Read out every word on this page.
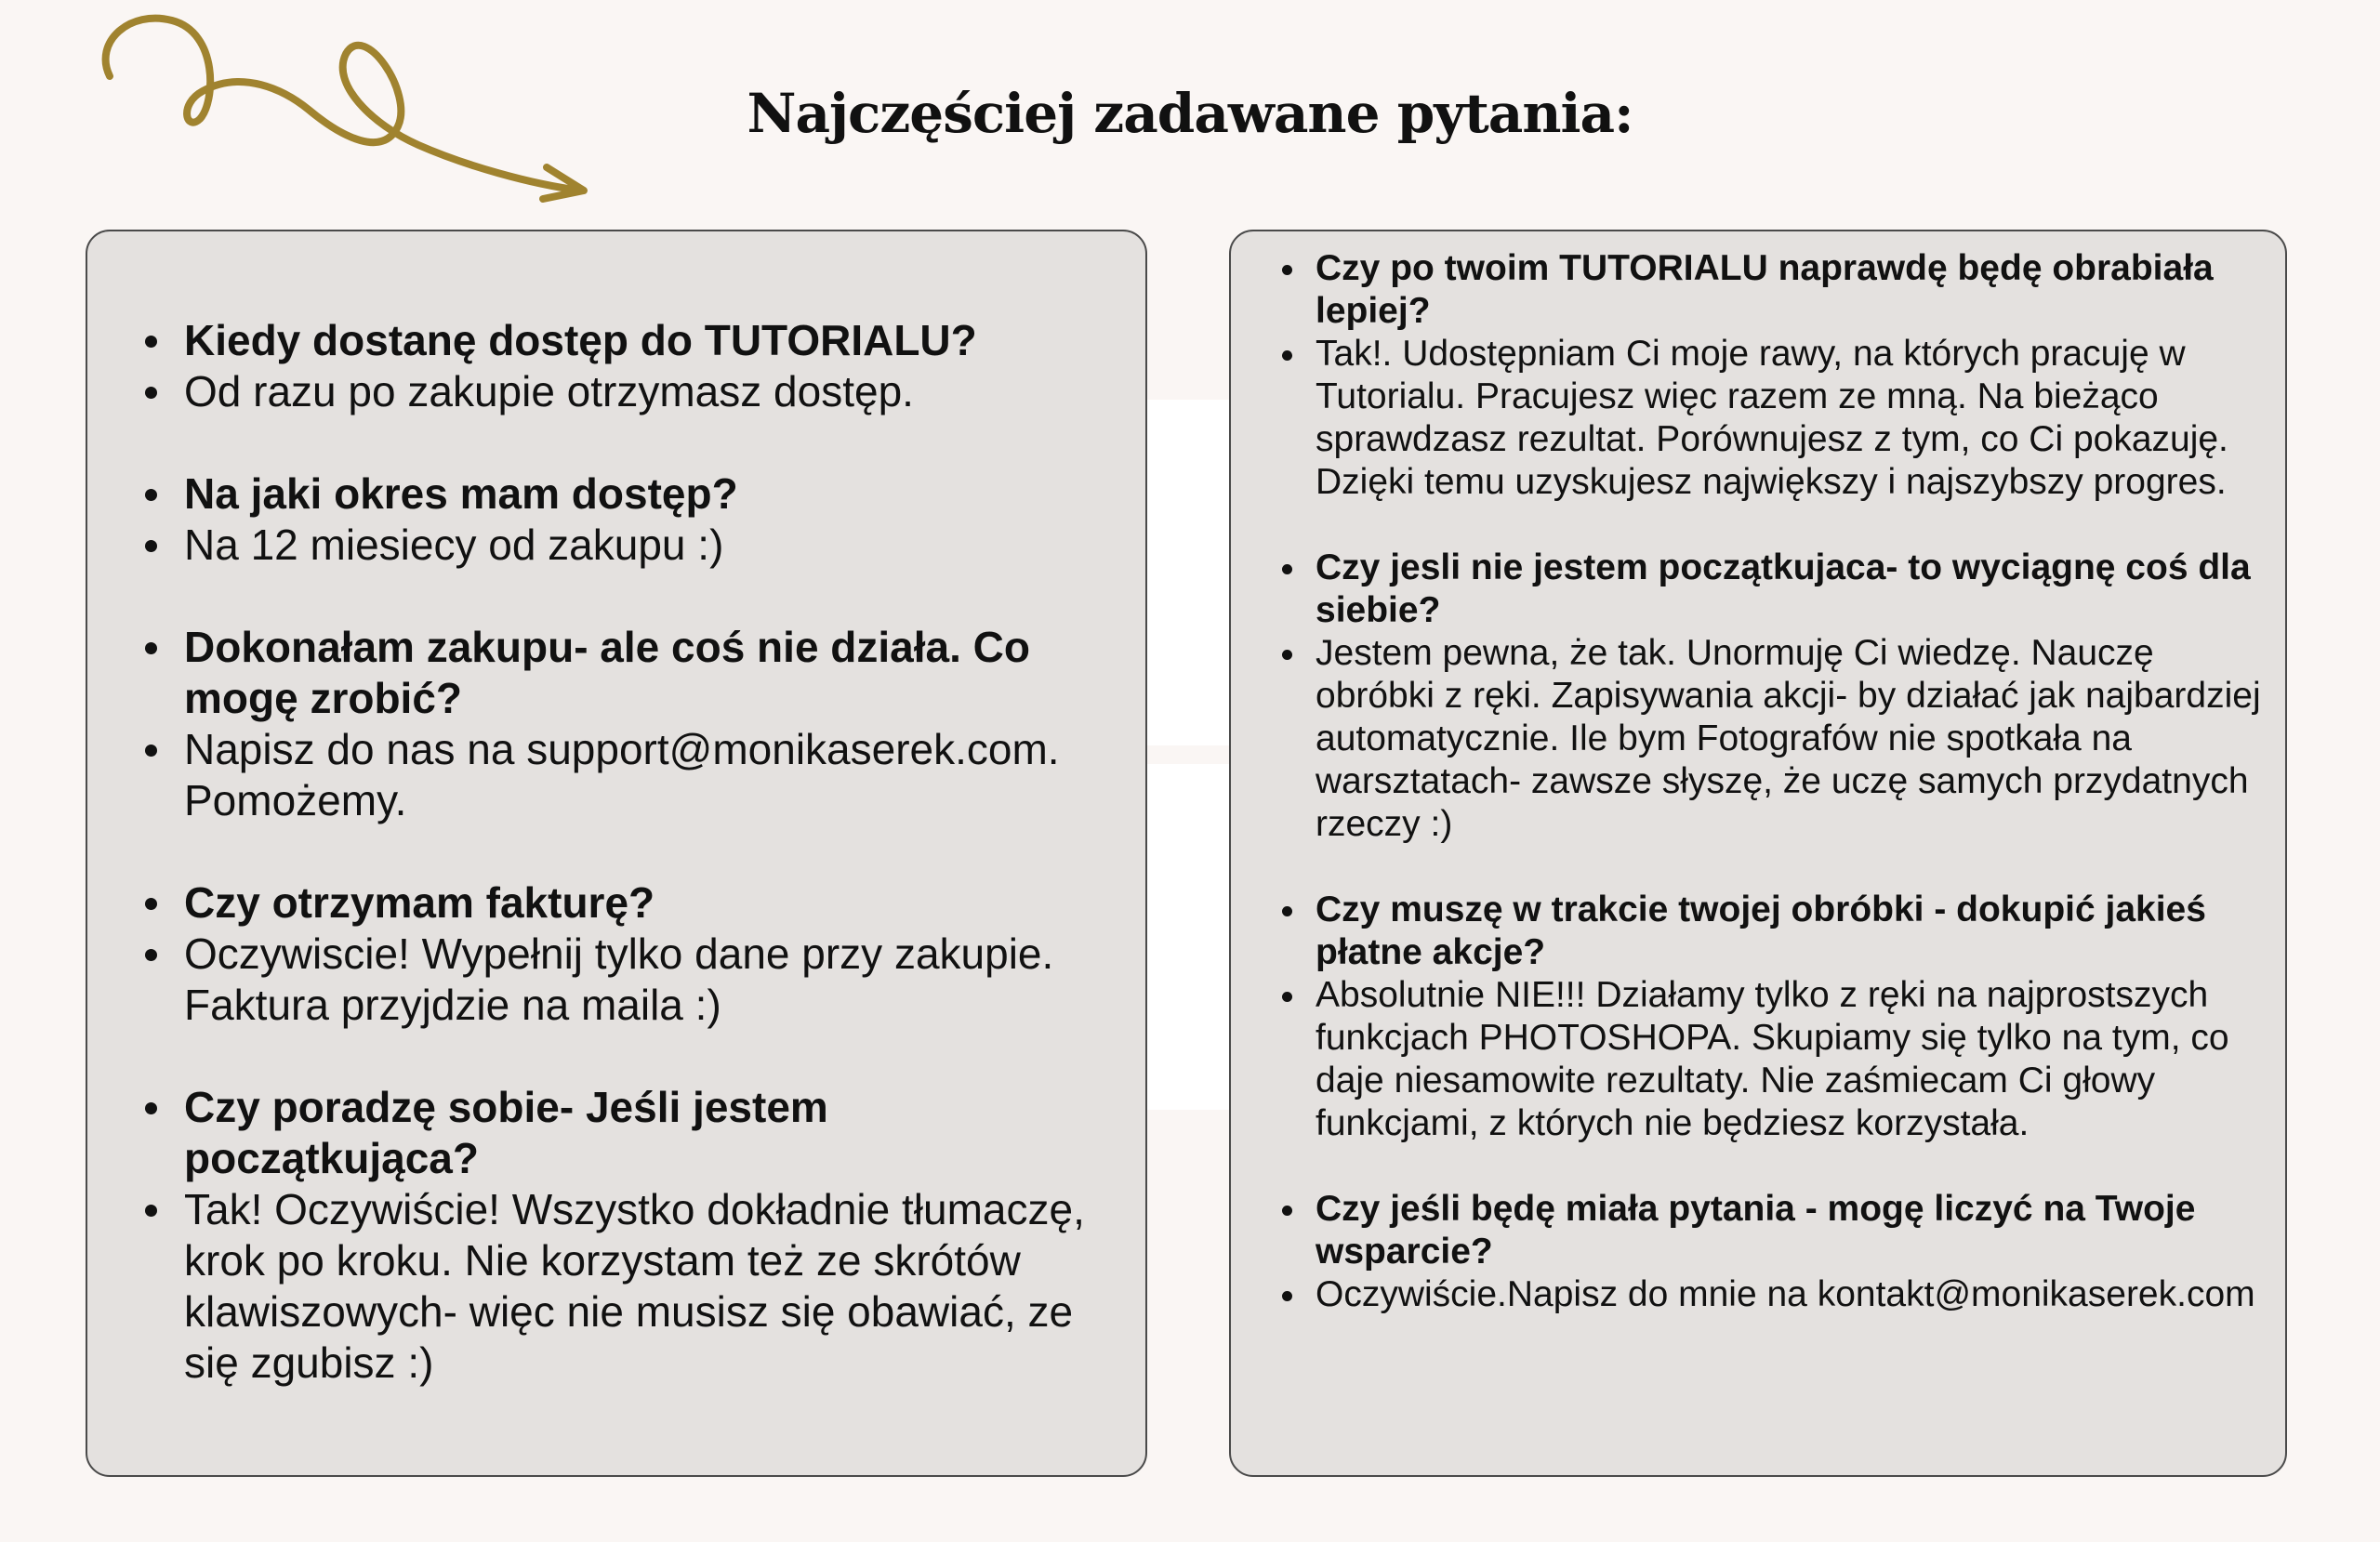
Najczęściej zadawane pytania:
Kiedy dostanę dostęp do TUTORIALU?
Od razu po zakupie otrzymasz dostęp.
Na jaki okres mam dostęp?
Na 12 miesiecy od zakupu :)
Dokonałam zakupu- ale coś nie działa. Co mogę zrobić?
Napisz do nas na support@monikaserek.com. Pomożemy.
Czy otrzymam fakturę?
Oczywiscie! Wypełnij tylko dane przy zakupie. Faktura przyjdzie na maila :)
Czy poradzę sobie- Jeśli jestem początkująca?
Tak! Oczywiście! Wszystko dokładnie tłumaczę, krok po kroku. Nie korzystam też ze skrótów klawiszowych- więc nie musisz się obawiać, ze się zgubisz :)
Czy po twoim TUTORIALU naprawdę będę obrabiała lepiej?
Tak!. Udostępniam Ci moje rawy, na których pracuję w Tutorialu. Pracujesz więc razem ze mną. Na bieżąco sprawdzasz rezultat. Porównujesz z tym, co Ci pokazuję. Dzięki temu uzyskujesz największy i najszybszy progres.
Czy jesli nie jestem początkujaca- to wyciągnę coś dla siebie?
Jestem pewna, że tak. Unormuję Ci wiedzę. Nauczę obróbki z ręki. Zapisywania akcji- by działać jak najbardziej automatycznie. Ile bym Fotografów nie spotkała na warsztatach- zawsze słyszę, że uczę samych przydatnych rzeczy :)
Czy muszę w trakcie twojej obróbki - dokupić jakieś płatne akcje?
Absolutnie NIE!!! Działamy tylko z ręki na najprostszych funkcjach PHOTOSHOPA. Skupiamy się tylko na tym, co daje niesamowite rezultaty. Nie zaśmiecam Ci głowy funkcjami, z których nie będziesz korzystała.
Czy jeśli będę miała pytania - mogę liczyć na Twoje wsparcie?
Oczywiście.Napisz do mnie na kontakt@monikaserek.com
